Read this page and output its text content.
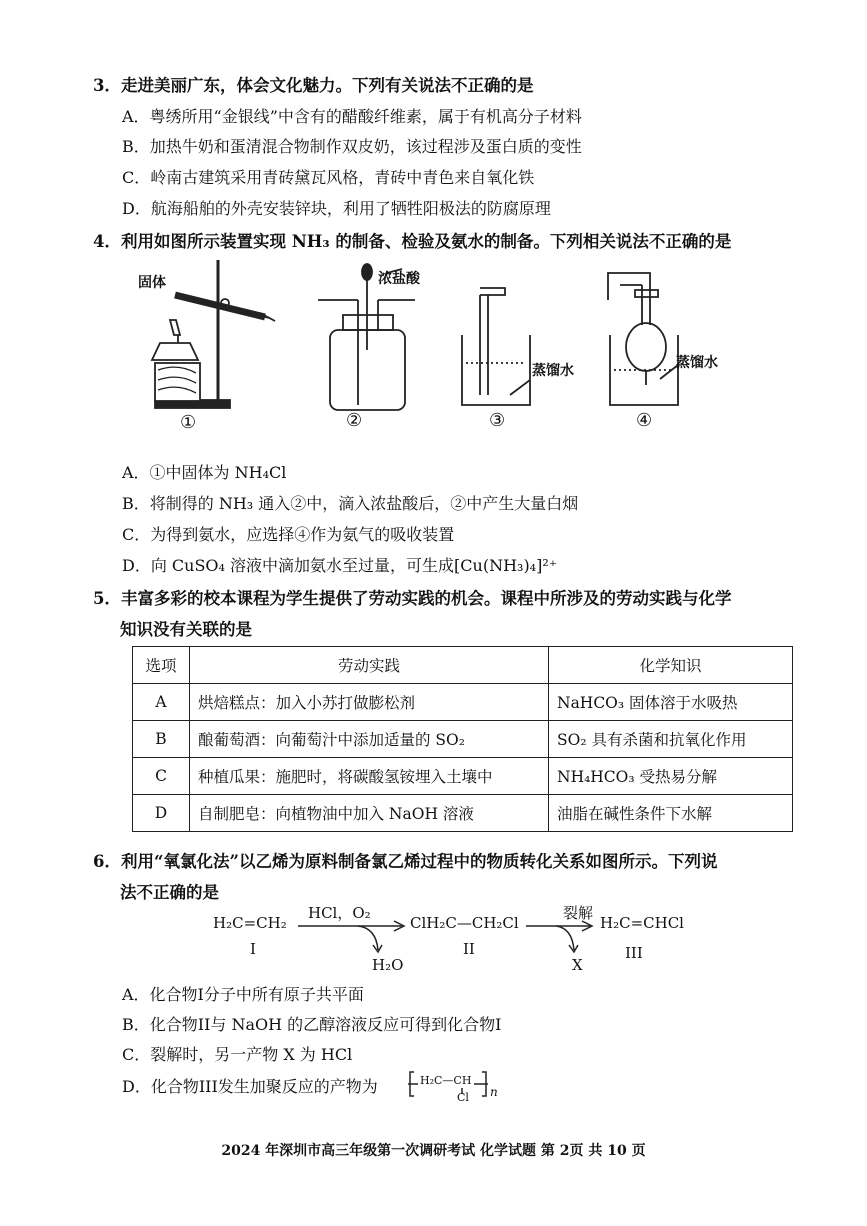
3．走进美丽广东，体会文化魅力。下列有关说法不正确的是
A．粤绣所用“金银线”中含有的醋酸纤维素，属于有机高分子材料
B．加热牛奶和蛋清混合物制作双皮奶，该过程涉及蛋白质的变性
C．岭南古建筑采用青砖黛瓦风格，青砖中青色来自氧化铁
D．航海船舶的外壳安装锌块，利用了牺牲阳极法的防腐原理
4．利用如图所示装置实现 NH₃ 的制备、检验及氨水的制备。下列相关说法不正确的是
固体	浓盐酸
蒸馏水	蒸馏水
①	②	③	④
A．①中固体为 NH₄Cl
B．将制得的 NH₃ 通入②中，滴入浓盐酸后，②中产生大量白烟
C．为得到氨水，应选择④作为氨气的吸收装置
D．向 CuSO₄ 溶液中滴加氨水至过量，可生成[Cu(NH₃)₄]²⁺
5．丰富多彩的校本课程为学生提供了劳动实践的机会。课程中所涉及的劳动实践与化学
知识没有关联的是
选项	劳动实践	化学知识
A	烘焙糕点：加入小苏打做膨松剂	NaHCO₃ 固体溶于水吸热
B	酿葡萄酒：向葡萄汁中添加适量的 SO₂	SO₂ 具有杀菌和抗氧化作用
C	种植瓜果：施肥时，将碳酸氢铵埋入土壤中	NH₄HCO₃ 受热易分解
D	自制肥皂：向植物油中加入 NaOH 溶液	油脂在碱性条件下水解
6．利用“氧氯化法”以乙烯为原料制备氯乙烯过程中的物质转化关系如图所示。下列说
法不正确的是
H₂C=CH₂
I
HCl，O₂
H₂O
ClH₂C—CH₂Cl
II
裂解
X
H₂C=CHCl
III
A．化合物I分子中所有原子共平面
B．化合物II与 NaOH 的乙醇溶液反应可得到化合物I
C．裂解时，另一产物 X 为 HCl
D．化合物III发生加聚反应的产物为	H₂C—CH
Cl n
2024 年深圳市高三年级第一次调研考试 化学试题 第 2页 共 10 页
